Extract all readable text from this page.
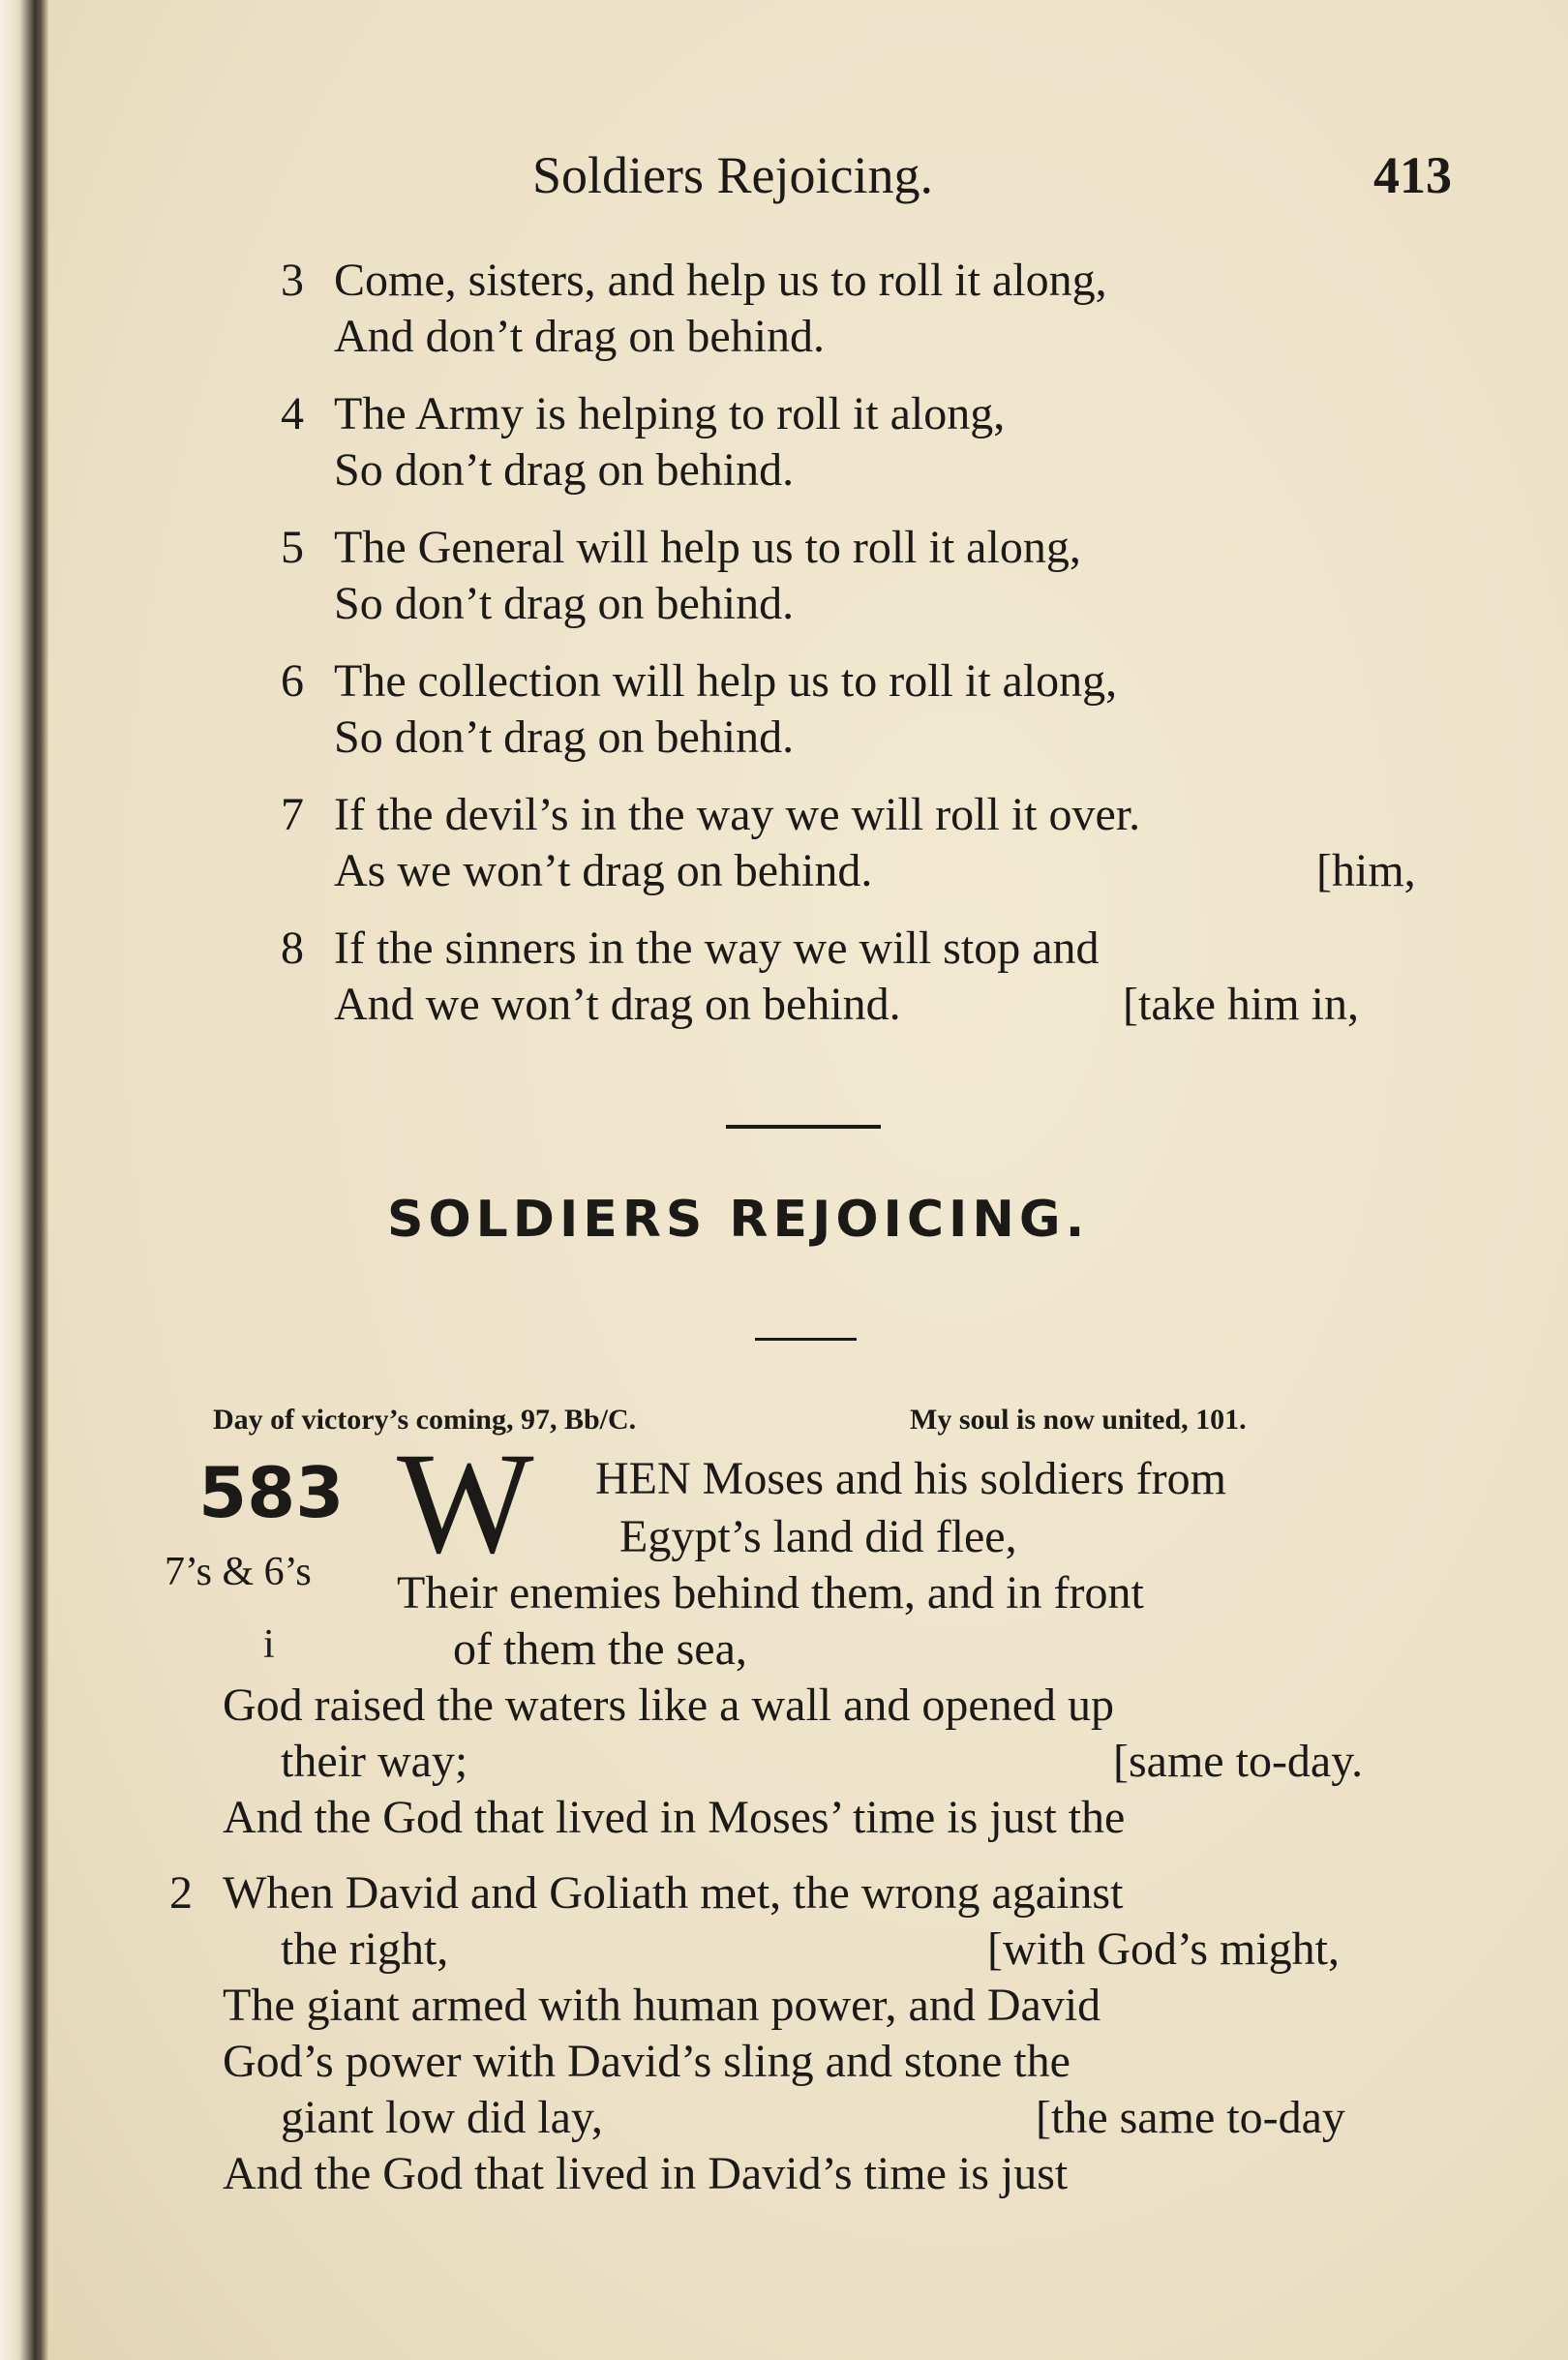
Soldiers Rejoicing.	413
3 Come, sisters, and help us to roll it along,
And don’t drag on behind.
4 The Army is helping to roll it along,
So don’t drag on behind.
5 The General will help us to roll it along,
So don’t drag on behind.
6 The collection will help us to roll it along,
So don’t drag on behind.
7 If the devil’s in the way we will roll it over.
As we won’t drag on behind.	[him,
8 If the sinners in the way we will stop and
And we won’t drag on behind.	[take him in,
SOLDIERS REJOICING.
Day of victory’s coming, 97, Bb/C.	My soul is now united, 101.
583
7’s & 6’s
i
W HEN Moses and his soldiers from
Egypt’s land did flee,
Their enemies behind them, and in front
of them the sea,
God raised the waters like a wall and opened up
their way;	[same to-day.
And the God that lived in Moses’ time is just the
2 When David and Goliath met, the wrong against
the right,	[with God’s might,
The giant armed with human power, and David
God’s power with David’s sling and stone the
giant low did lay,	[the same to-day
And the God that lived in David’s time is just
